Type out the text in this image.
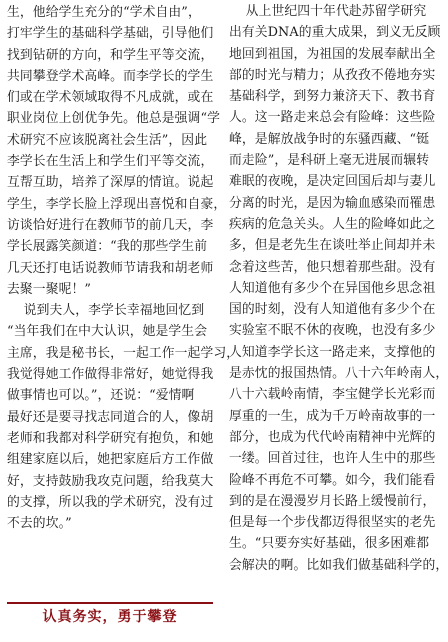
生，他给学生充分的“学术自由”，
打牢学生的基础科学基础，引导他们
找到钻研的方向，和学生平等交流，
共同攀登学术高峰。而李学长的学生
们或在学术领域取得不凡成就，或在
职业岗位上创优争先。他总是强调“学
术研究不应该脱离社会生活”，因此
李学长在生活上和学生们平等交流，
互帮互助，培养了深厚的情谊。说起
学生，李学长脸上浮现出喜悦和自豪，
访谈恰好进行在教师节的前几天，李
学长展露笑颜道：“我的那些学生前
几天还打电话说教师节请我和胡老师
去聚一聚呢！”
说到夫人，李学长幸福地回忆到
“当年我们在中大认识，她是学生会
主席，我是秘书长，一起工作一起学习，
我觉得她工作做得非常好，她觉得我
做事情也可以。”，还说：“爱情啊
最好还是要寻找志同道合的人，像胡
老师和我都对科学研究有抱负，和她
组建家庭以后，她把家庭后方工作做
好，支持鼓励我攻克问题，给我莫大
的支撑，所以我的学术研究，没有过
不去的坎。”
认真务实，勇于攀登
从上世纪四十年代赴苏留学研究
出有关DNA的重大成果，到义无反顾
地回到祖国，为祖国的发展奉献出全
部的时光与精力；从孜孜不倦地夯实
基础科学，到努力兼济天下、教书育
人。这一路走来总会有险峰：这些险
峰，是解放战争时的东骚西藏、“铤
而走险”，是科研上毫无进展而辗转
难眠的夜晚，是决定回国后却与妻儿
分离的时光，是因为输血感染而罹患
疾病的危急关头。人生的险峰如此之
多，但是老先生在谈吐举止间却并未
念着这些苦，他只想着那些甜。没有
人知道他有多少个在异国他乡思念祖
国的时刻，没有人知道他有多少个在
实验室不眠不休的夜晚，也没有多少
人知道李学长这一路走来，支撑他的
是赤忱的报国热情。八十六年岭南人，
八十六载岭南情，李宝健学长光彩而
厚重的一生，成为千万岭南故事的一
部分，也成为代代岭南精神中光辉的
一缕。回首过往，也许人生中的那些
险峰不再危不可攀。如今，我们能看
到的是在漫漫岁月长路上缓慢前行，
但是每一个步伐都迈得很坚实的老先
生。“只要夯实好基础，很多困难都
会解决的啊。比如我们做基础科学的，
